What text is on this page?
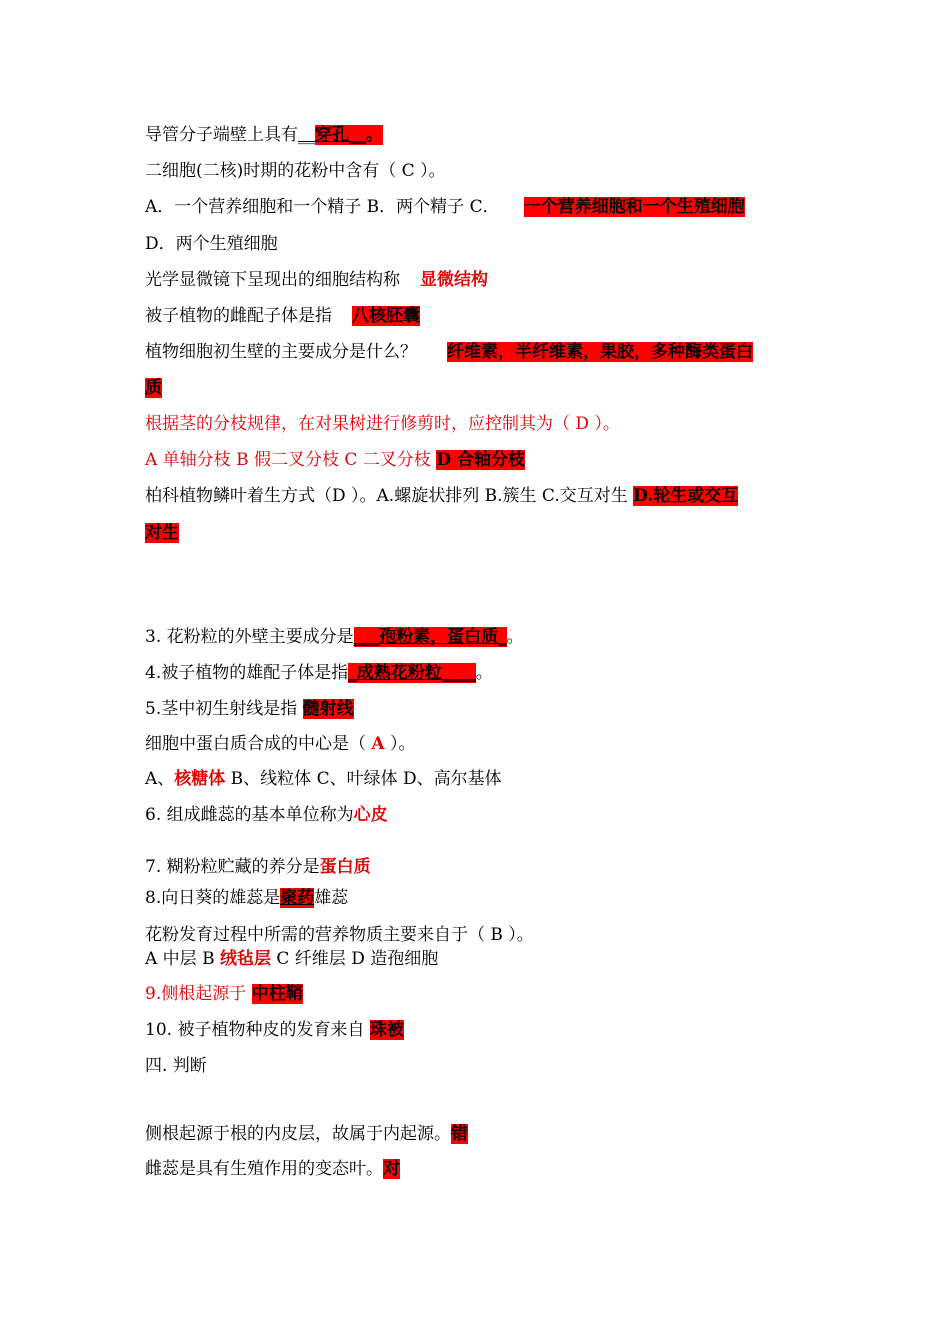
导管分子端壁上具有__穿孔__。
二细胞(二核)时期的花粉中含有（ C ）。
A．一个营养细胞和一个精子 B．两个精子 C． 一个营养细胞和一个生殖细胞
D．两个生殖细胞
光学显微镜下呈现出的细胞结构称 显微结构
被子植物的雌配子体是指 八核胚囊
植物细胞初生壁的主要成分是什么？ 纤维素，半纤维素，果胶，多种酶类蛋白
质
根据茎的分枝规律，在对果树进行修剪时，应控制其为（ D ）。
A 单轴分枝 B 假二叉分枝 C 二叉分枝 D 合轴分枝
柏科植物鳞叶着生方式（D ）。A.螺旋状排列 B.簇生 C.交互对生 D.轮生或交互
对生
3. 花粉粒的外壁主要成分是___孢粉素，蛋白质_。
4.被子植物的雄配子体是指_成熟花粉粒____。
5.茎中初生射线是指 髓射线
细胞中蛋白质合成的中心是（ A ）。
A、核糖体 B、线粒体 C、叶绿体 D、高尔基体
6. 组成雌蕊的基本单位称为心皮
7. 糊粉粒贮藏的养分是蛋白质
8.向日葵的雄蕊是聚药雄蕊
花粉发育过程中所需的营养物质主要来自于（ B ）。
A 中层 B 绒毡层 C 纤维层 D 造孢细胞
9.侧根起源于 中柱鞘
10. 被子植物种皮的发育来自 珠被
四. 判断
侧根起源于根的内皮层，故属于内起源。错
雌蕊是具有生殖作用的变态叶。对
